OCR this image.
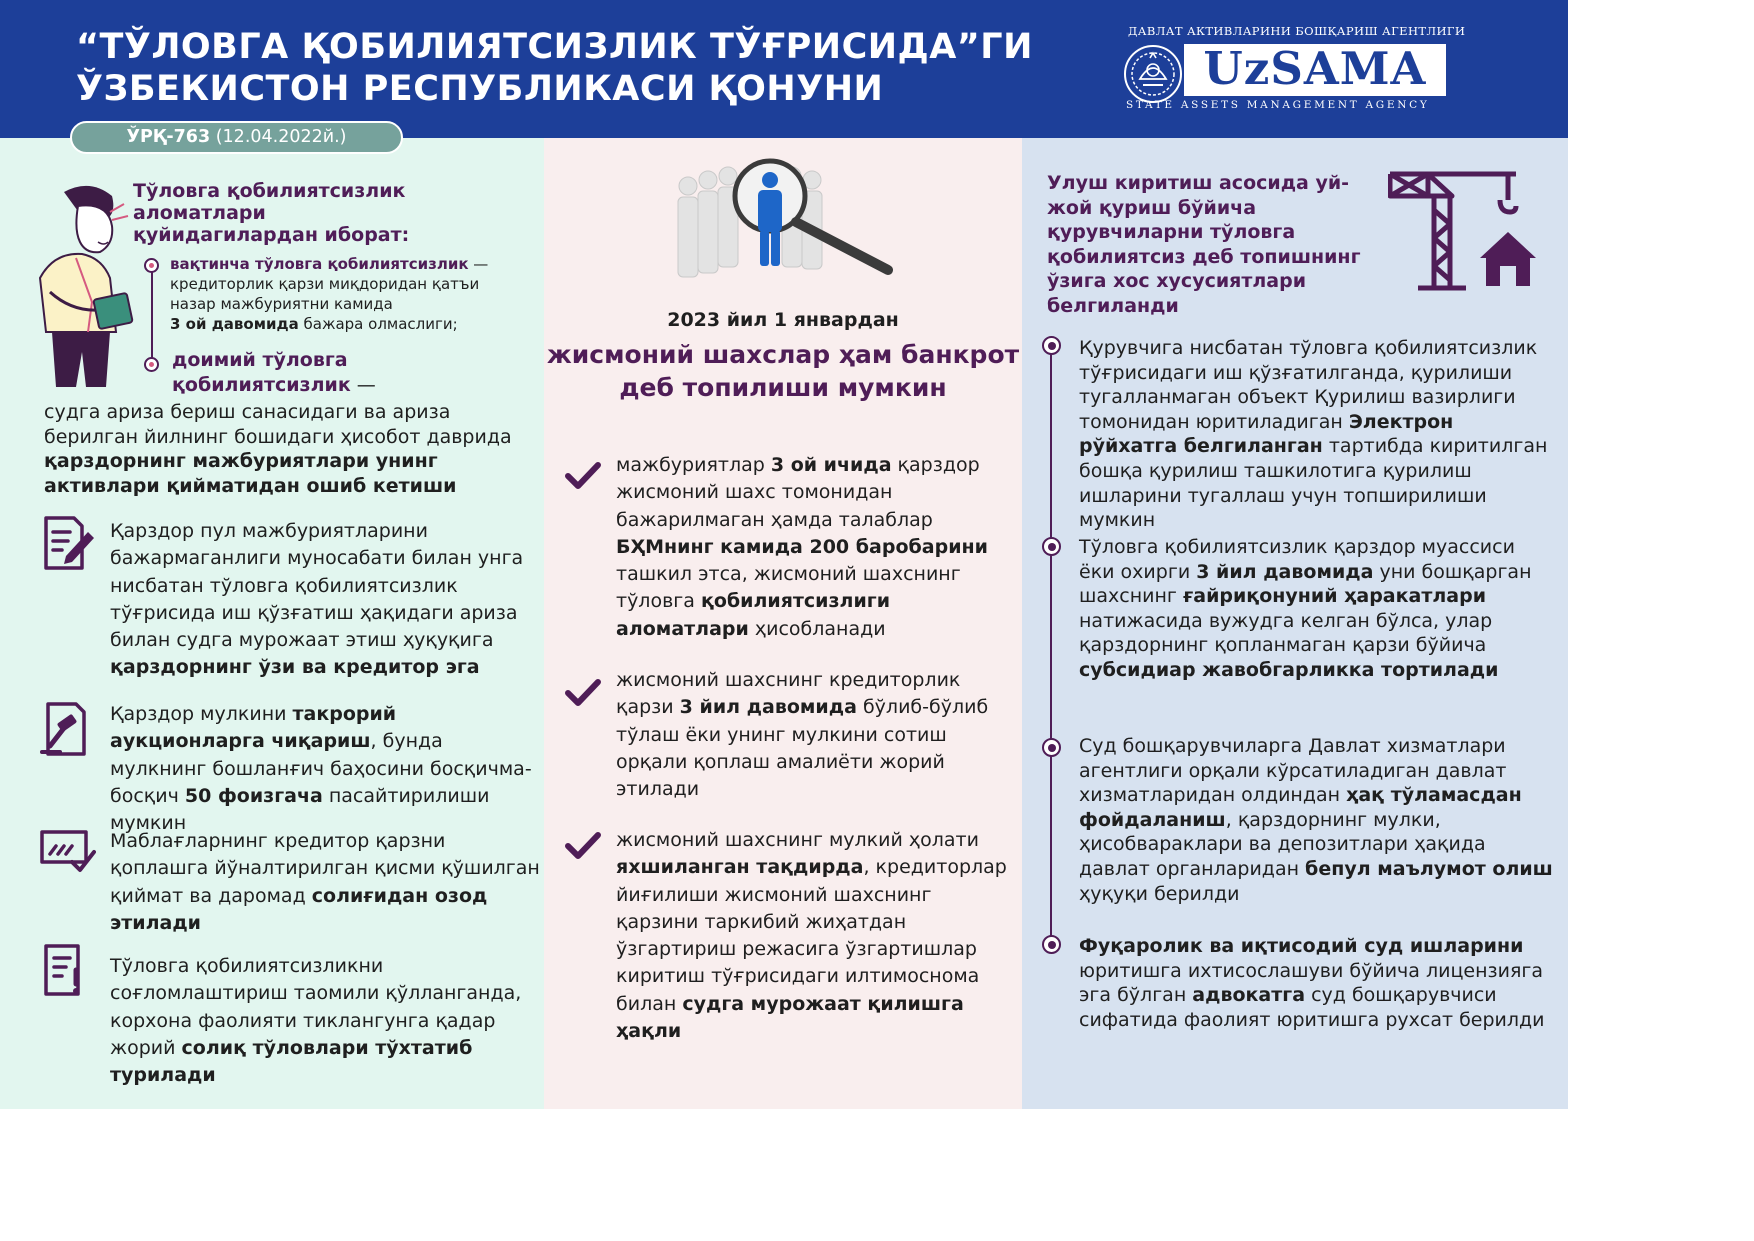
“ТЎЛОВГА ҚОБИЛИЯТСИЗЛИК ТЎҒРИСИДА”ГИ
ЎЗБЕКИСТОН РЕСПУБЛИКАСИ ҚОНУНИ
ДАВЛАТ АКТИВЛАРИНИ БОШҚАРИШ АГЕНТЛИГИ
UzSAMA
STATE ASSETS MANAGEMENT AGENCY
ЎРҚ-763 (12.04.2022й.)
Тўловга қобилиятсизлик аломатлари қуйидагилардан иборат:
вақтинча тўловга қобилиятсизлик — кредиторлик қарзи миқдоридан қатъи назар мажбуриятни камида
3 ой давомида бажара олмаслиги;
доимий тўловга қобилиятсизлик —
судга ариза бериш санасидаги ва ариза берилган йилнинг бошидаги ҳисобот даврида қарздорнинг мажбуриятлари унинг активлари қийматидан ошиб кетиши
Қарздор пул мажбуриятларини бажармаганлиги муносабати билан унга нисбатан тўловга қобилиятсизлик тўғрисида иш қўзғатиш ҳақидаги ариза билан судга мурожаат этиш ҳуқуқига қарздорнинг ўзи ва кредитор эга
Қарздор мулкини такрорий аукционларга чиқариш, бунда мулкнинг бошланғич баҳосини босқичма-босқич 50 фоизгача пасайтирилиши мумкин
Маблағларнинг кредитор қарзни қоплашга йўналтирилган қисми қўшилган қиймат ва даромад солиғидан озод этилади
Тўловга қобилиятсизликни соғломлаштириш таомили қўлланганда, корхона фаолияти тиклангунга қадар жорий солиқ тўловлари тўхтатиб турилади
2023 йил 1 январдан
жисмоний шахслар ҳам банкрот деб топилиши мумкин
мажбуриятлар 3 ой ичида қарздор жисмоний шахс томонидан бажарилмаган ҳамда талаблар БҲМнинг камида 200 баробарини ташкил этса, жисмоний шахснинг тўловга қобилиятсизлиги аломатлари ҳисобланади
жисмоний шахснинг кредиторлик қарзи 3 йил давомида бўлиб-бўлиб тўлаш ёки унинг мулкини сотиш орқали қоплаш амалиёти жорий этилади
жисмоний шахснинг мулкий ҳолати яхшиланган тақдирда, кредиторлар йиғилиши жисмоний шахснинг қарзини таркибий жиҳатдан ўзгартириш режасига ўзгартишлар киритиш тўғрисидаги илтимосномa билан судга мурожаат қилишга ҳақли
Улуш киритиш асосида уй-жой қуриш бўйича қурувчиларни тўловга қобилиятсиз деб топишнинг ўзига хос хусусиятлари белгиланди
Қурувчига нисбатан тўловга қобилиятсизлик тўғрисидаги иш қўзғатилганда, қурилиши тугалланмаган объект Қурилиш вазирлиги томонидан юритиладиган Электрон рўйхатга белгиланган тартибда киритилган бошқа қурилиш ташкилотига қурилиш ишларини тугаллаш учун топширилиши мумкин
Тўловга қобилиятсизлик қарздор муассиси ёки охирги 3 йил давомида уни бошқарган шахснинг ғайриқонуний ҳаракатлари натижасида вужудга келган бўлса, улар қарздорнинг қопланмаган қарзи бўйича субсидиар жавобгарликка тортилади
Суд бошқарувчиларга Давлат хизматлари агентлиги орқали кўрсатиладиган давлат хизматларидан олдиндан ҳақ тўламасдан фойдаланиш, қарздорнинг мулки, ҳисобвараклари ва депозитлари ҳақида давлат органларидан бепул маълумот олиш ҳуқуқи берилди
Фуқаролик ва иқтисодий суд ишларини юритишга ихтисослашуви бўйича лицензияга эга бўлган адвокатга суд бошқарувчиси сифатида фаолият юритишга рухсат берилди
